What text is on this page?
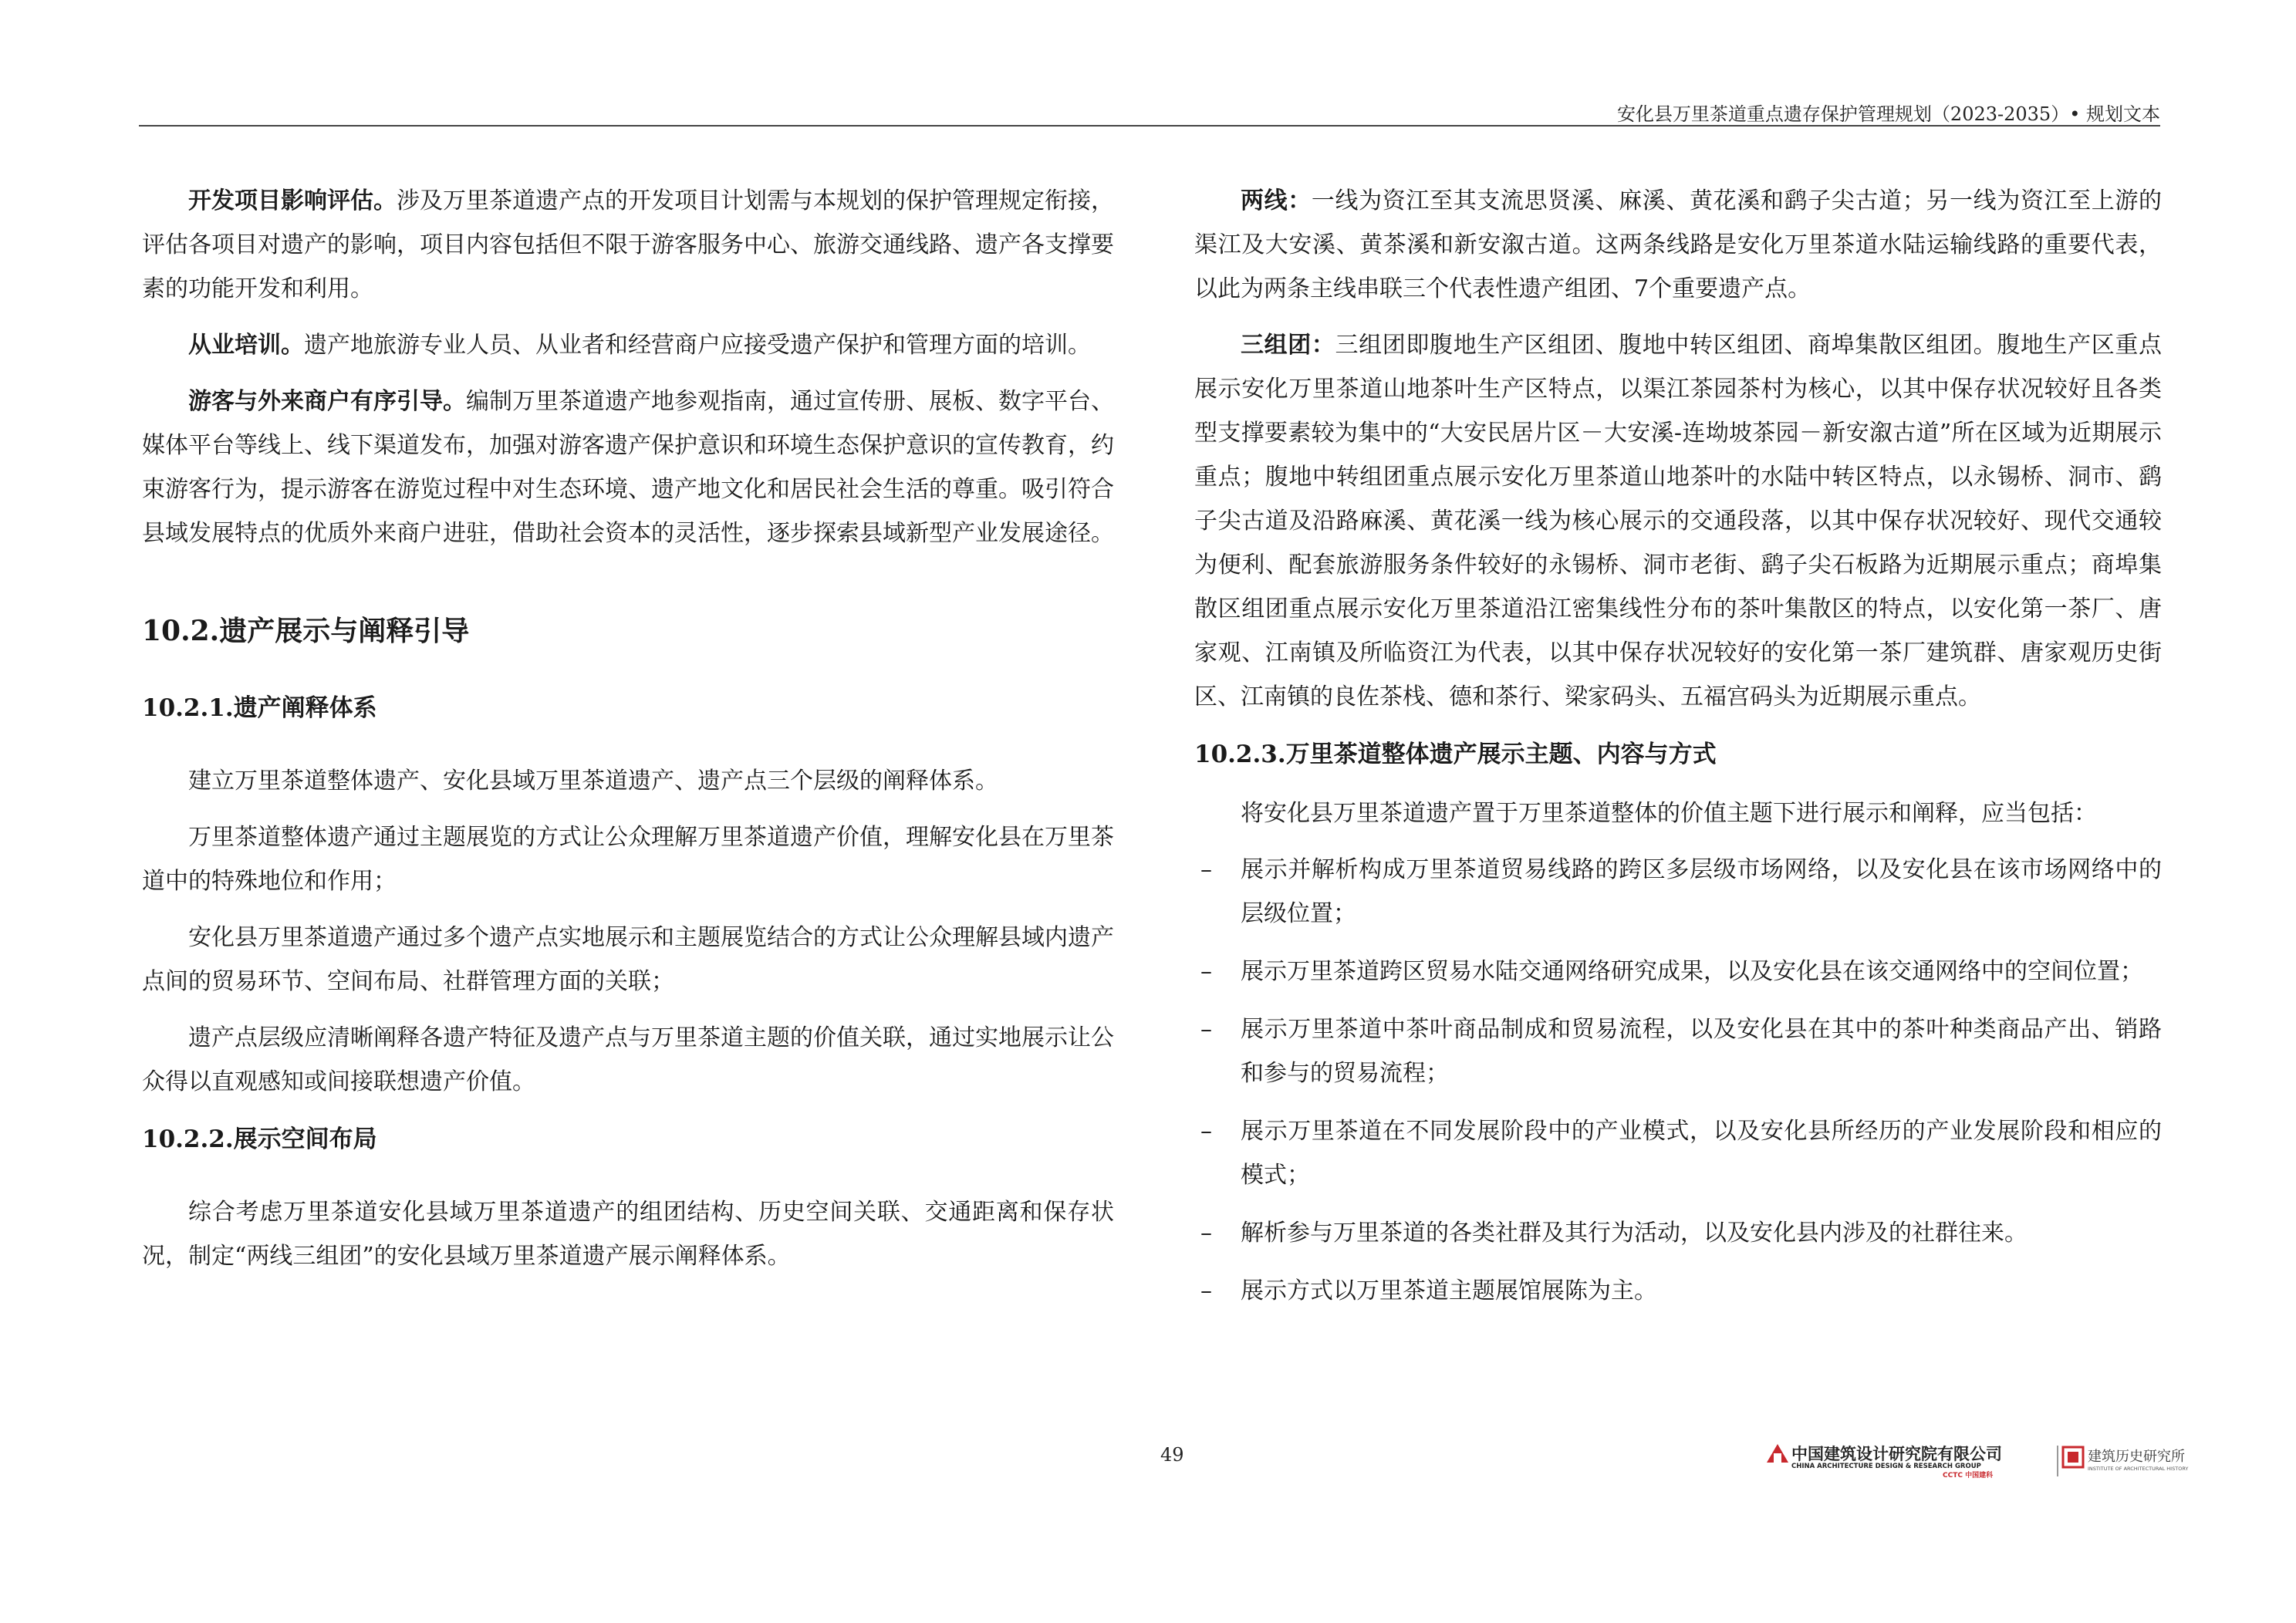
安化县万里茶道重点遗存保护管理规划（2023-2035）• 规划文本

开发项目影响评估。涉及万里茶道遗产点的开发项目计划需与本规划的保护管理规定衔接，评估各项目对遗产的影响，项目内容包括但不限于游客服务中心、旅游交通线路、遗产各支撑要素的功能开发和利用。

从业培训。遗产地旅游专业人员、从业者和经营商户应接受遗产保护和管理方面的培训。

游客与外来商户有序引导。编制万里茶道遗产地参观指南，通过宣传册、展板、数字平台、媒体平台等线上、线下渠道发布，加强对游客遗产保护意识和环境生态保护意识的宣传教育，约束游客行为，提示游客在游览过程中对生态环境、遗产地文化和居民社会生活的尊重。吸引符合县域发展特点的优质外来商户进驻，借助社会资本的灵活性，逐步探索县域新型产业发展途径。

10.2.遗产展示与阐释引导
10.2.1.遗产阐释体系

建立万里茶道整体遗产、安化县域万里茶道遗产、遗产点三个层级的阐释体系。

万里茶道整体遗产通过主题展览的方式让公众理解万里茶道遗产价值，理解安化县在万里茶道中的特殊地位和作用；

安化县万里茶道遗产通过多个遗产点实地展示和主题展览结合的方式让公众理解县域内遗产点间的贸易环节、空间布局、社群管理方面的关联；

遗产点层级应清晰阐释各遗产特征及遗产点与万里茶道主题的价值关联，通过实地展示让公众得以直观感知或间接联想遗产价值。

10.2.2.展示空间布局

综合考虑万里茶道安化县域万里茶道遗产的组团结构、历史空间关联、交通距离和保存状况，制定“两线三组团”的安化县域万里茶道遗产展示阐释体系。

两线：一线为资江至其支流思贤溪、麻溪、黄花溪和鹞子尖古道；另一线为资江至上游的渠江及大安溪、黄茶溪和新安溆古道。这两条线路是安化万里茶道水陆运输线路的重要代表，以此为两条主线串联三个代表性遗产组团、7个重要遗产点。

三组团：三组团即腹地生产区组团、腹地中转区组团、商埠集散区组团。腹地生产区重点展示安化万里茶道山地茶叶生产区特点，以渠江茶园茶村为核心，以其中保存状况较好且各类型支撑要素较为集中的“大安民居片区－大安溪-连坳坡茶园－新安溆古道”所在区域为近期展示重点；腹地中转组团重点展示安化万里茶道山地茶叶的水陆中转区特点，以永锡桥、洞市、鹞子尖古道及沿路麻溪、黄花溪一线为核心展示的交通段落，以其中保存状况较好、现代交通较为便利、配套旅游服务条件较好的永锡桥、洞市老街、鹞子尖石板路为近期展示重点；商埠集散区组团重点展示安化万里茶道沿江密集线性分布的茶叶集散区的特点，以安化第一茶厂、唐家观、江南镇及所临资江为代表，以其中保存状况较好的安化第一茶厂建筑群、唐家观历史街区、江南镇的良佐茶栈、德和茶行、梁家码头、五福宫码头为近期展示重点。

10.2.3.万里茶道整体遗产展示主题、内容与方式

将安化县万里茶道遗产置于万里茶道整体的价值主题下进行展示和阐释，应当包括：

– 展示并解析构成万里茶道贸易线路的跨区多层级市场网络，以及安化县在该市场网络中的层级位置；
– 展示万里茶道跨区贸易水陆交通网络研究成果，以及安化县在该交通网络中的空间位置；
– 展示万里茶道中茶叶商品制成和贸易流程，以及安化县在其中的茶叶种类商品产出、销路和参与的贸易流程；
– 展示万里茶道在不同发展阶段中的产业模式，以及安化县所经历的产业发展阶段和相应的模式；
– 解析参与万里茶道的各类社群及其行为活动，以及安化县内涉及的社群往来。
– 展示方式以万里茶道主题展馆展陈为主。
49	中国建筑设计研究院有限公司
CHINA ARCHITECTURE DESIGN & RESEARCH GROUP
CCTC 中国建科
建筑历史研究所
INSTITUTE OF ARCHITECTURAL HISTORY
